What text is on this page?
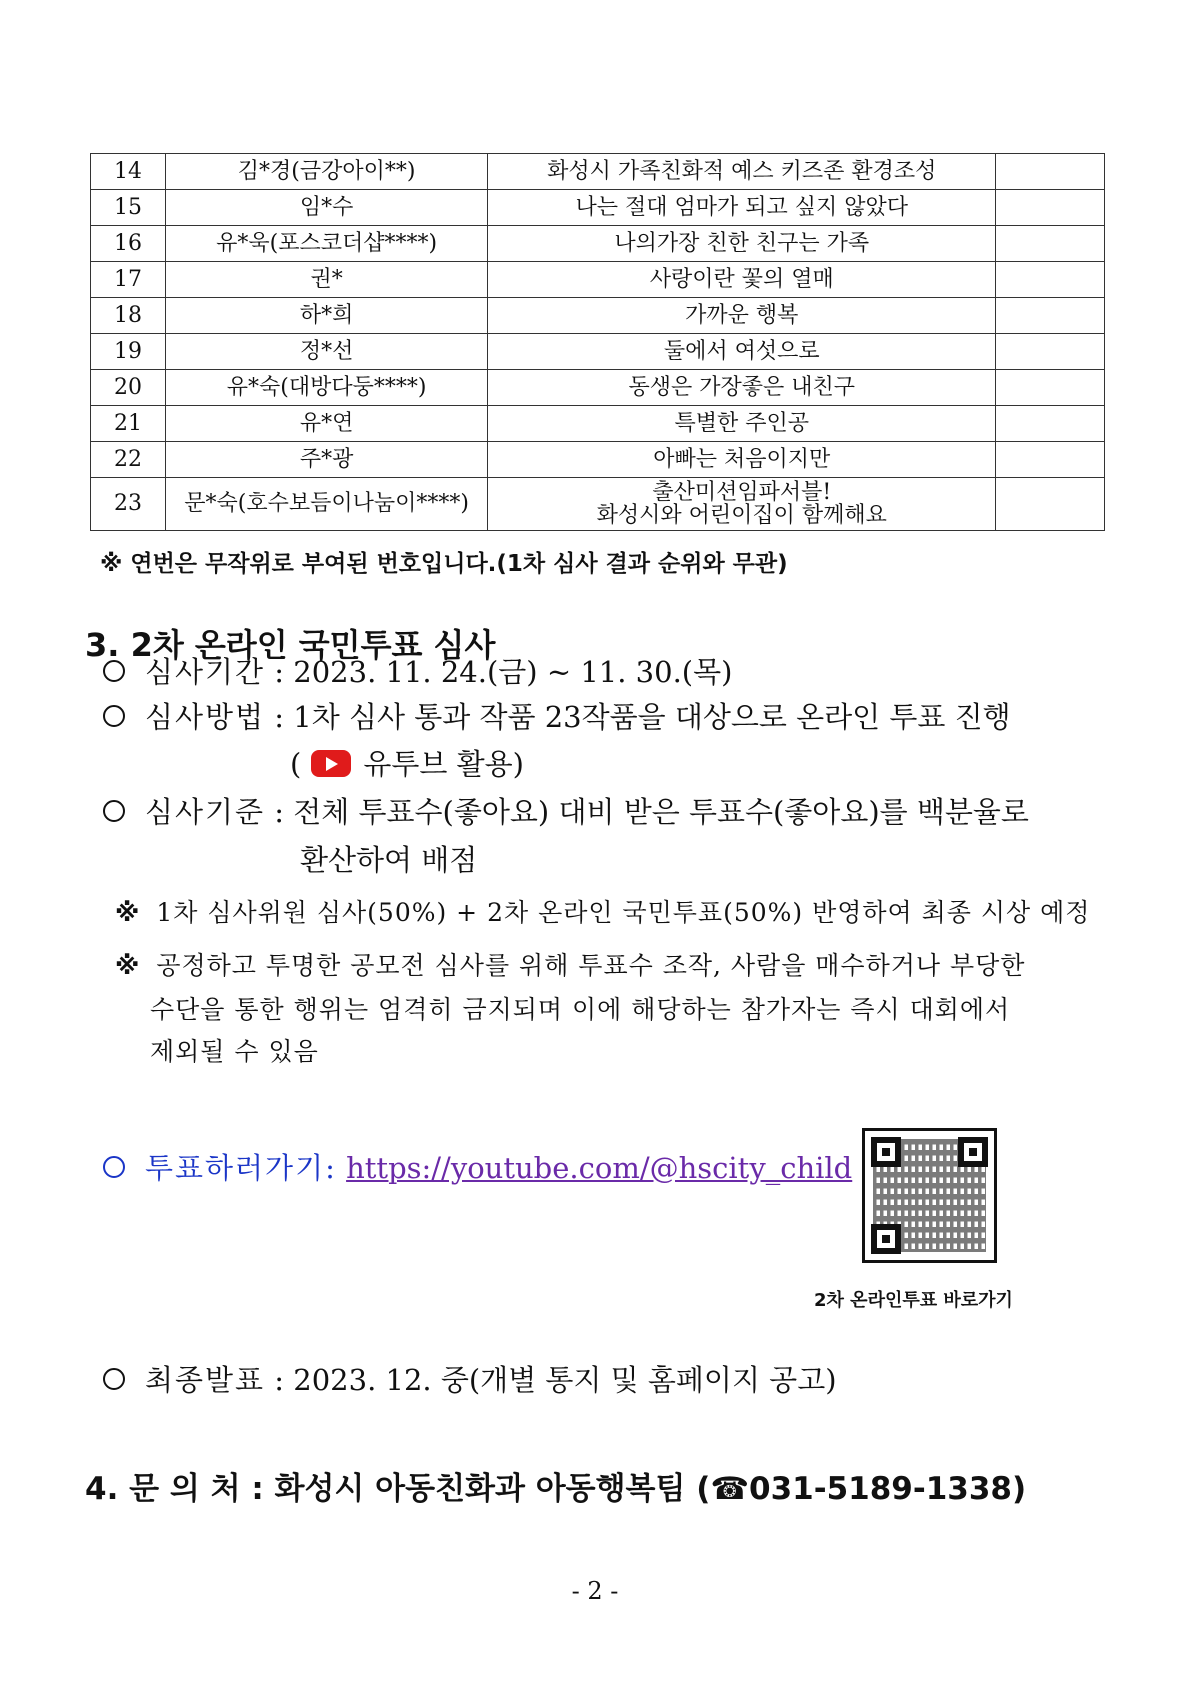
14	김*경(금강아이**)	화성시 가족친화적 예스 키즈존 환경조성	
15	임*수	나는 절대 엄마가 되고 싶지 않았다	
16	유*욱(포스코더샵****)	나의가장 친한 친구는 가족	
17	권*	사랑이란 꽃의 열매	
18	하*희	가까운 행복	
19	정*선	둘에서 여섯으로	
20	유*숙(대방다둥****)	동생은 가장좋은 내친구	
21	유*연	특별한 주인공	
22	주*광	아빠는 처음이지만	
23	문*숙(호수보듬이나눔이****)	출산미션임파서블!
화성시와 어린이집이 함께해요	

※ 연번은 무작위로 부여된 번호입니다.(1차 심사 결과 순위와 무관)
3. 2차 온라인 국민투표 심사
심사기간 : 2023. 11. 24.(금) ~ 11. 30.(목)
심사방법 : 1차 심사 통과 작품 23작품을 대상으로 온라인 투표 진행
( 유투브 활용)
심사기준 : 전체 투표수(좋아요) 대비 받은 투표수(좋아요)를 백분율로
환산하여 배점
※ 1차 심사위원 심사(50%) + 2차 온라인 국민투표(50%) 반영하여 최종 시상 예정
※ 공정하고 투명한 공모전 심사를 위해 투표수 조작, 사람을 매수하거나 부당한
수단을 통한 행위는 엄격히 금지되며 이에 해당하는 참가자는 즉시 대회에서
제외될 수 있음
투표하러가기: https://youtube.com/@hscity_child
2차 온라인투표 바로가기
최종발표 : 2023. 12. 중(개별 통지 및 홈페이지 공고)
4. 문 의 처 : 화성시 아동친화과 아동행복팀 (☎031-5189-1338)
- 2 -
